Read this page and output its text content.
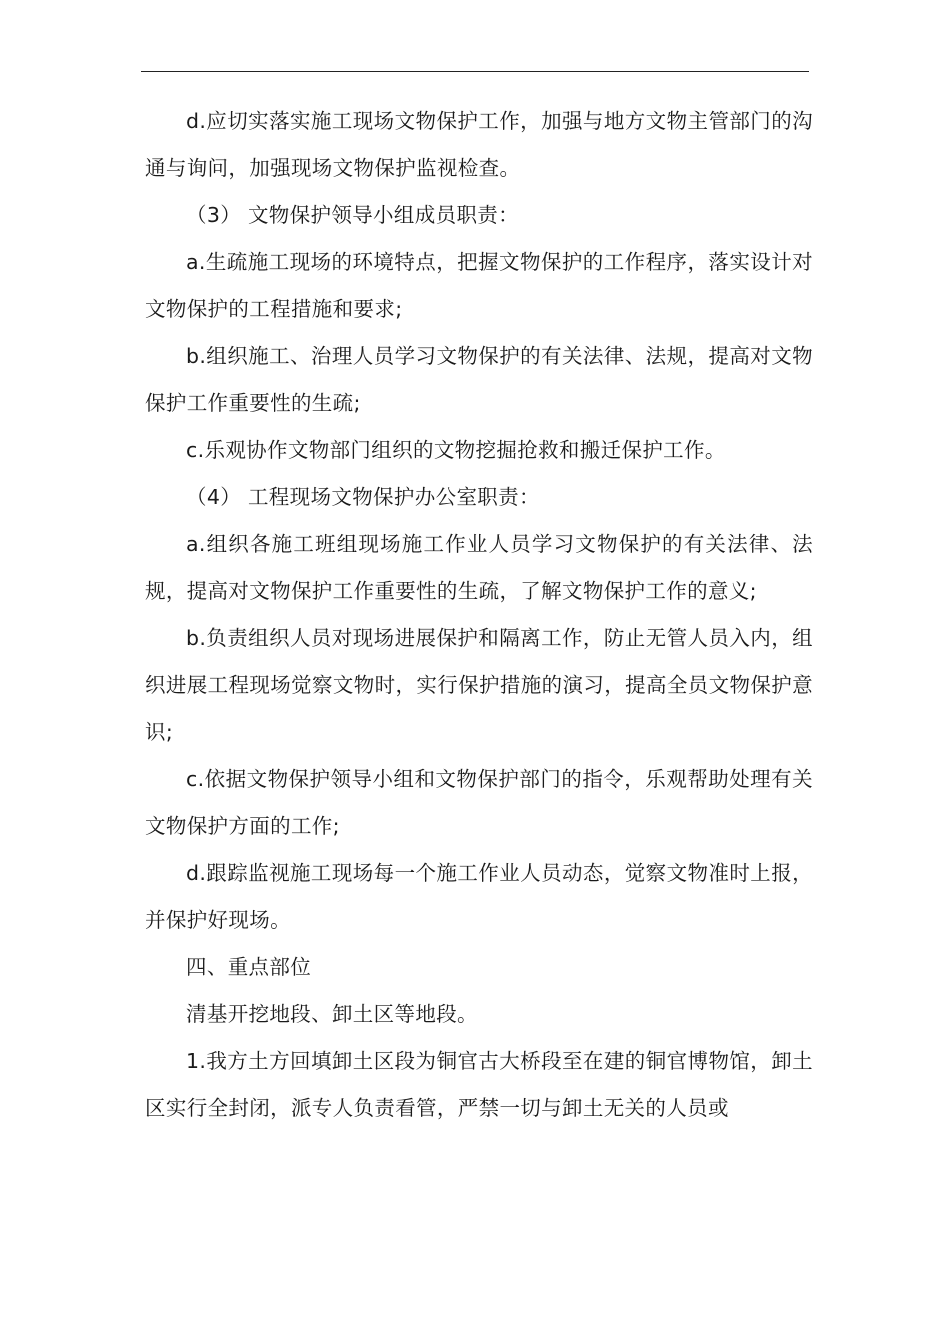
d.应切实落实施工现场文物保护工作，加强与地方文物主管部门的沟通与询问，加强现场文物保护监视检查。

（3） 文物保护领导小组成员职责：

a.生疏施工现场的环境特点，把握文物保护的工作程序，落实设计对文物保护的工程措施和要求;

b.组织施工、治理人员学习文物保护的有关法律、法规，提高对文物保护工作重要性的生疏;

c.乐观协作文物部门组织的文物挖掘抢救和搬迁保护工作。

（4） 工程现场文物保护办公室职责：

a.组织各施工班组现场施工作业人员学习文物保护的有关法律、法规，提高对文物保护工作重要性的生疏，了解文物保护工作的意义;

b.负责组织人员对现场进展保护和隔离工作，防止无管人员入内，组织进展工程现场觉察文物时，实行保护措施的演习，提高全员文物保护意识;

c.依据文物保护领导小组和文物保护部门的指令，乐观帮助处理有关文物保护方面的工作;

d.跟踪监视施工现场每一个施工作业人员动态，觉察文物准时上报，并保护好现场。

四、重点部位

清基开挖地段、卸土区等地段。

1.我方土方回填卸土区段为铜官古大桥段至在建的铜官博物馆，卸土区实行全封闭，派专人负责看管，严禁一切与卸土无关的人员或
